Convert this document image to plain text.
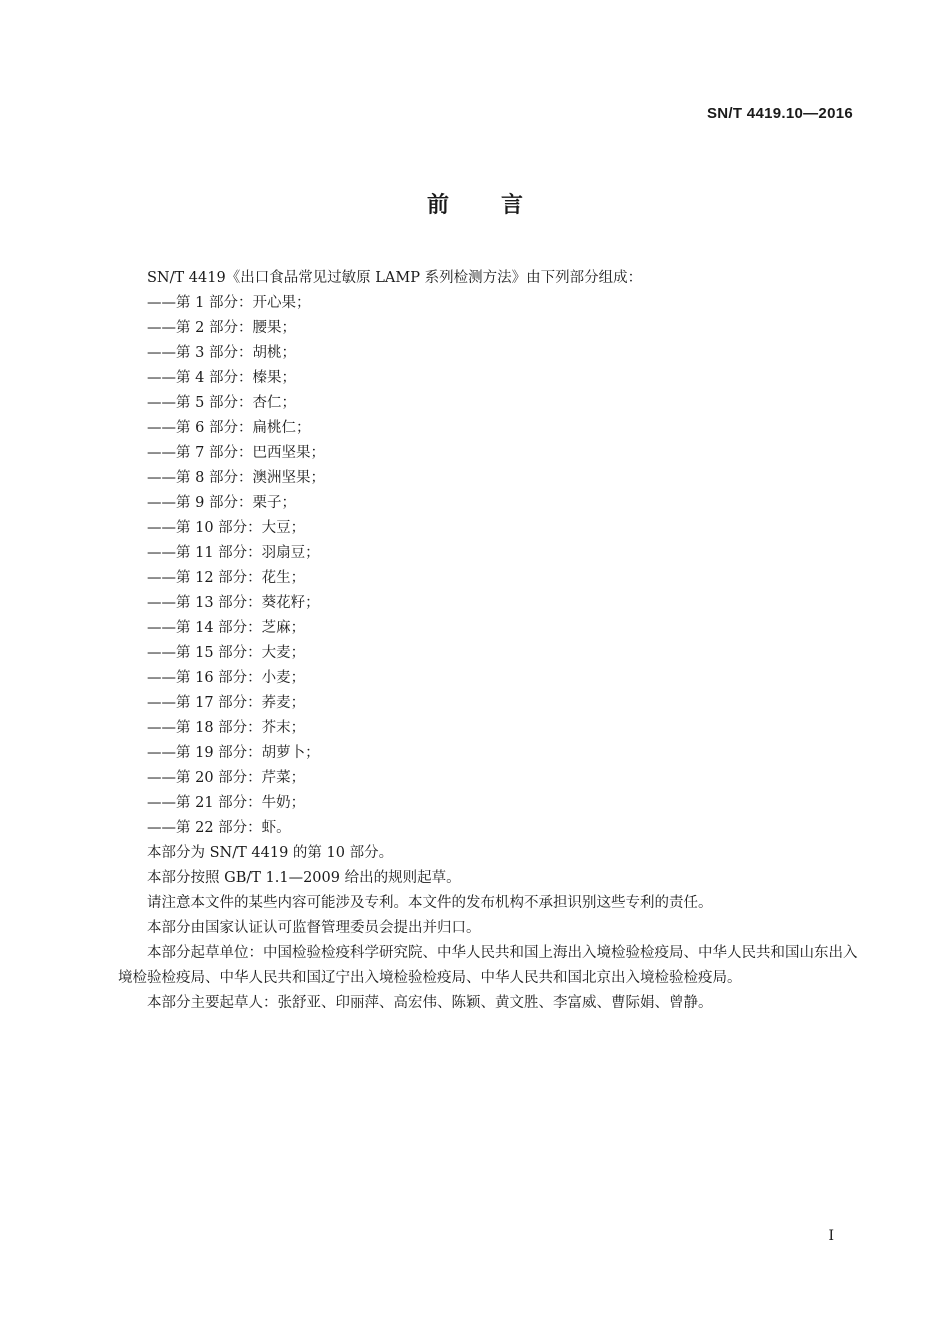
SN/T 4419.10—2016
前言

SN/T 4419《出口食品常见过敏原 LAMP 系列检测方法》由下列部分组成：

——第 1 部分：开心果；
——第 2 部分：腰果；
——第 3 部分：胡桃；
——第 4 部分：榛果；
——第 5 部分：杏仁；
——第 6 部分：扁桃仁；
——第 7 部分：巴西坚果；
——第 8 部分：澳洲坚果；
——第 9 部分：栗子；
——第 10 部分：大豆；
——第 11 部分：羽扇豆；
——第 12 部分：花生；
——第 13 部分：葵花籽；
——第 14 部分：芝麻；
——第 15 部分：大麦；
——第 16 部分：小麦；
——第 17 部分：荞麦；
——第 18 部分：芥末；
——第 19 部分：胡萝卜；
——第 20 部分：芹菜；
——第 21 部分：牛奶；
——第 22 部分：虾。

本部分为 SN/T 4419 的第 10 部分。

本部分按照 GB/T 1.1—2009 给出的规则起草。

请注意本文件的某些内容可能涉及专利。本文件的发布机构不承担识别这些专利的责任。

本部分由国家认证认可监督管理委员会提出并归口。

本部分起草单位：中国检验检疫科学研究院、中华人民共和国上海出入境检验检疫局、中华人民共和国山东出入境检验检疫局、中华人民共和国辽宁出入境检验检疫局、中华人民共和国北京出入境检验检疫局。

本部分主要起草人：张舒亚、印丽萍、高宏伟、陈颖、黄文胜、李富威、曹际娟、曾静。

I
